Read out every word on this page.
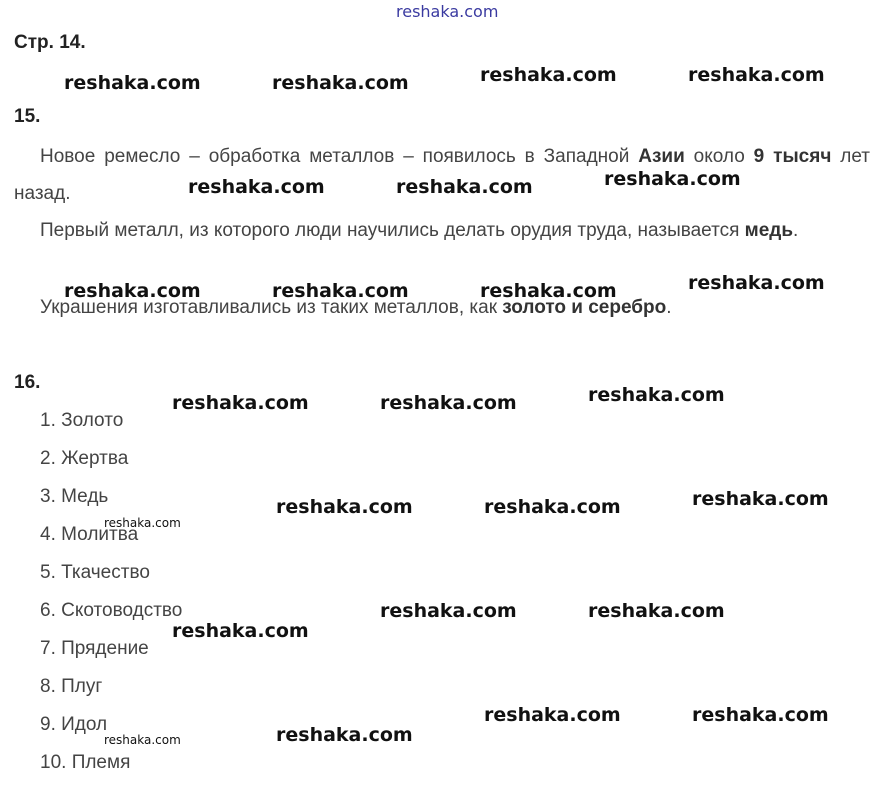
reshaka.com
Стр. 14.
15.
Новое ремесло – обработка металлов – появилось в Западной Азии около 9 тысяч лет назад.
Первый металл, из которого люди научились делать орудия труда, называется медь.
Украшения изготавливались из таких металлов, как золото и серебро.
16.
1. Золото
2. Жертва
3. Медь
4. Молитва
5. Ткачество
6. Скотоводство
7. Прядение
8. Плуг
9. Идол
10. Племя
reshaka.com	reshaka.com	reshaka.com	reshaka.com
reshaka.com	reshaka.com	reshaka.com
reshaka.com	reshaka.com	reshaka.com	reshaka.com
reshaka.com	reshaka.com	reshaka.com
reshaka.com	reshaka.com	reshaka.com
reshaka.com	reshaka.com
reshaka.com
reshaka.com	reshaka.com
reshaka.com
reshaka.com
reshaka.com
